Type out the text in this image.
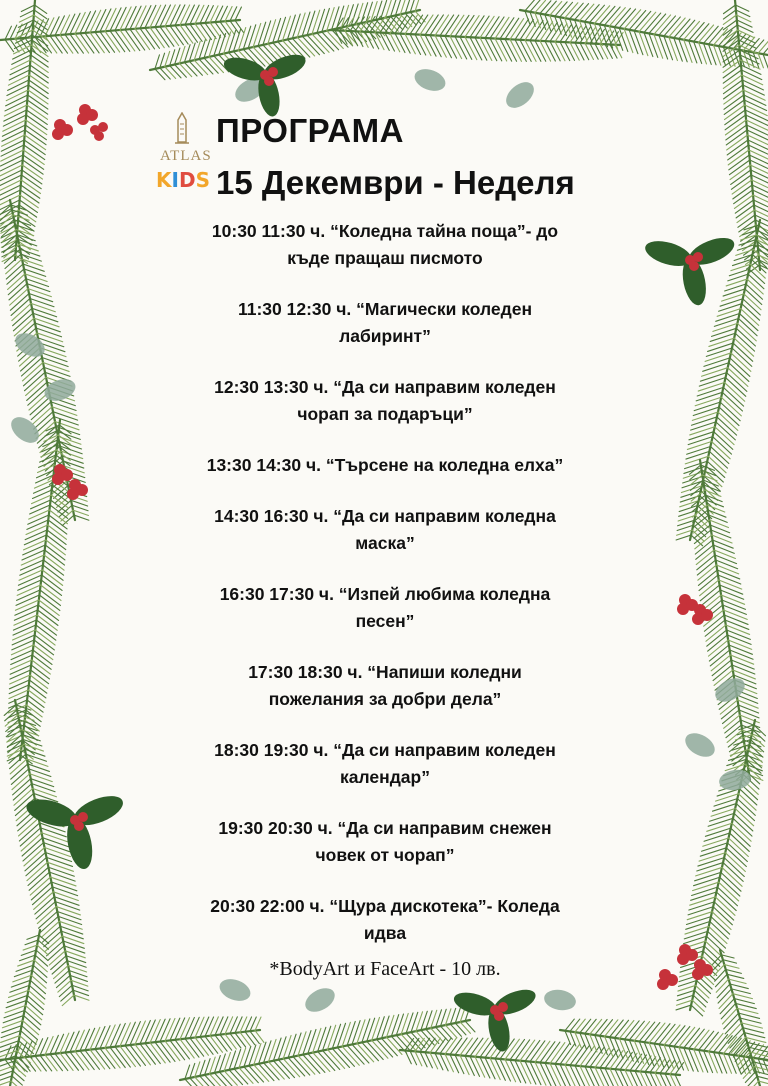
ATLAS
KIDS
ПРОГРАМА
15 Декември - Неделя
10:30 11:30 ч. “Коледна тайна поща”- до
къде пращаш писмото
11:30 12:30 ч. “Магически коледен
лабиринт”
12:30 13:30 ч. “Да си направим коледен
чорап за подаръци”
13:30 14:30 ч. “Търсене на коледна елха”
14:30 16:30 ч. “Да си направим коледна
маска”
16:30 17:30 ч. “Изпей любима коледна
песен”
17:30 18:30 ч. “Напиши коледни
пожелания за добри дела”
18:30 19:30 ч. “Да си направим коледен
календар”
19:30 20:30 ч. “Да си направим снежен
човек от чорап”
20:30 22:00 ч. “Щура дискотека”- Коледа
идва
*BodyArt и FaceArt - 10 лв.
